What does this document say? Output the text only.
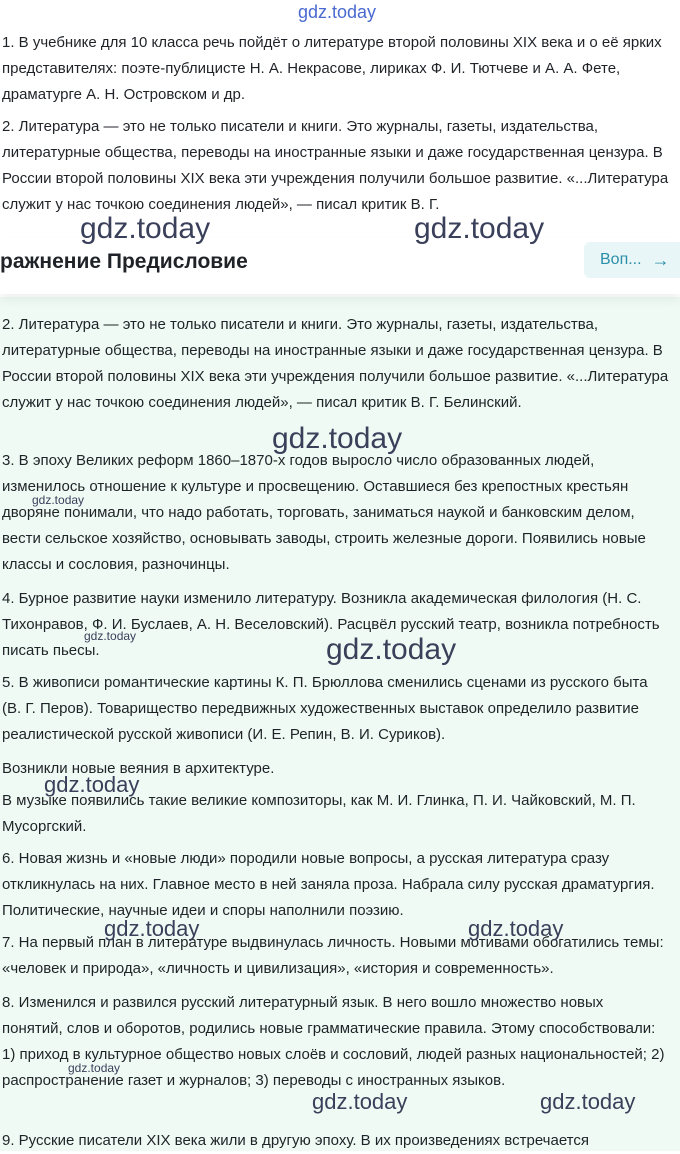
gdz.today

1. В учебнике для 10 класса речь пойдёт о литературе второй половины XIX века и о её ярких представителях: поэте-публицисте Н. А. Некрасове, лириках Ф. И. Тютчеве и А. А. Фете, драматурге А. Н. Островском и др.

2. Литература — это не только писатели и книги. Это журналы, газеты, издательства, литературные общества, переводы на иностранные языки и даже государственная цензура. В России второй половины XIX века эти учреждения получили большое развитие. «...Литература служит у нас точкою соединения людей», — писал критик В. Г.

2. Литература — это не только писатели и книги. Это журналы, газеты, издательства, литературные общества, переводы на иностранные языки и даже государственная цензура. В России второй половины XIX века эти учреждения получили большое развитие. «...Литература служит у нас точкою соединения людей», — писал критик В. Г. Белинский.

3. В эпоху Великих реформ 1860–1870-х годов выросло число образованных людей, изменилось отношение к культуре и просвещению. Оставшиеся без крепостных крестьян дворяне понимали, что надо работать, торговать, заниматься наукой и банковским делом, вести сельское хозяйство, основывать заводы, строить железные дороги. Появились новые классы и сословия, разночинцы.

4. Бурное развитие науки изменило литературу. Возникла академическая филология (Н. С. Тихонравов, Ф. И. Буслаев, А. Н. Веселовский). Расцвёл русский театр, возникла потребность писать пьесы.

5. В живописи романтические картины К. П. Брюллова сменились сценами из русского быта (В. Г. Перов). Товарищество передвижных художественных выставок определило развитие реалистической русской живописи (И. Е. Репин, В. И. Суриков).

Возникли новые веяния в архитектуре.

В музыке появились такие великие композиторы, как М. И. Глинка, П. И. Чайковский, М. П. Мусоргский.

6. Новая жизнь и «новые люди» породили новые вопросы, а русская литература сразу откликнулась на них. Главное место в ней заняла проза. Набрала силу русская драматургия. Политические, научные идеи и споры наполнили поэзию.

7. На первый план в литературе выдвинулась личность. Новыми мотивами обогатились темы: «человек и природа», «личность и цивилизация», «история и современность».

8. Изменился и развился русский литературный язык. В него вошло множество новых понятий, слов и оборотов, родились новые грамматические правила. Этому способствовали: 1) приход в культурное общество новых слоёв и сословий, людей разных национальностей; 2) распространение газет и журналов; 3) переводы с иностранных языков.

9. Русские писатели XIX века жили в другую эпоху. В их произведениях встречается

ражнение Предисловие	Воп... →
gdz.today	gdz.today
gdz.today
gdz.today
gdz.today	gdz.today
gdz.today
gdz.today	gdz.today
gdz.today
gdz.today	gdz.today
